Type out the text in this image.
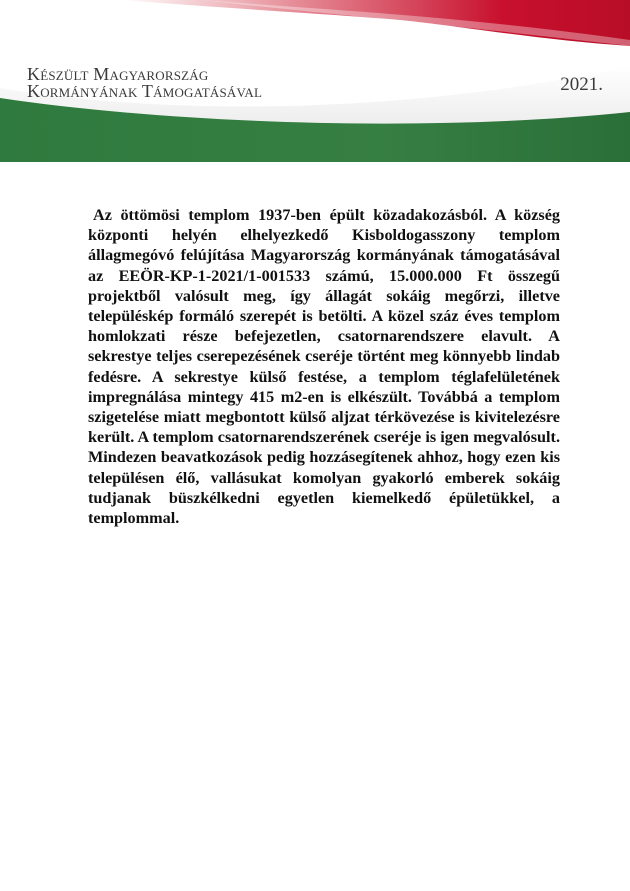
Készült Magyarország
Kormányának Támogatásával	2021.

Az öttömösi templom 1937-ben épült közadakozásból. A község központi helyén elhelyezkedő Kisboldogasszony templom állagmegóvó felújítása Magyarország kormányának támogatásával az EEÖR-KP-1-2021/1-001533 számú, 15.000.000 Ft összegű projektből valósult meg, így állagát sokáig megőrzi, illetve településkép formáló szerepét is betölti. A közel száz éves templom homlokzati része befejezetlen, csatornarendszere elavult. A sekrestye teljes cserepezésének cseréje történt meg könnyebb lindab fedésre. A sekrestye külső festése, a templom téglafelületének impregnálása mintegy 415 m2-en is elkészült. Továbbá a templom szigetelése miatt megbontott külső aljzat térkövezése is kivitelezésre került. A templom csatornarendszerének cseréje is igen megvalósult. Mindezen beavatkozások pedig hozzásegítenek ahhoz, hogy ezen kis településen élő, vallásukat komolyan gyakorló emberek sokáig tudjanak büszkélkedni egyetlen kiemelkedő épületükkel, a templommal.
